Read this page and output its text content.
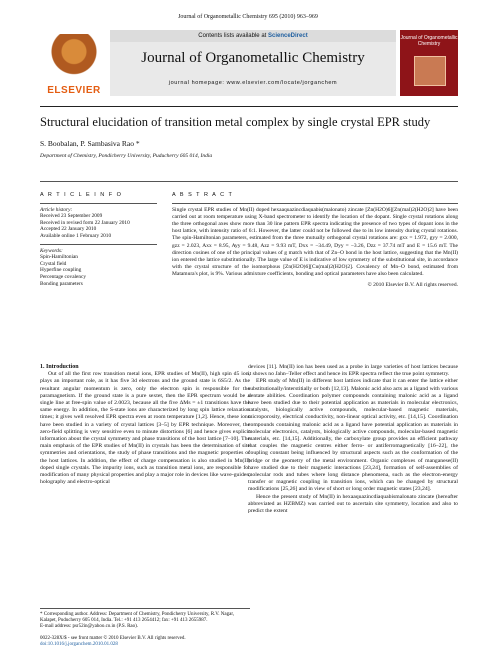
Journal of Organometallic Chemistry 695 (2010) 963–969
ELSEVIER
Contents lists available at ScienceDirect
Journal of Organometallic Chemistry
journal homepage: www.elsevier.com/locate/jorganchem
Journal of Organometallic Chemistry
Structural elucidation of transition metal complex by single crystal EPR study
S. Boobalan, P. Sambasiva Rao *
Department of Chemistry, Pondicherry University, Puducherry 605 014, India
A R T I C L E I N F O
Article history:
Received 23 September 2009
Received in revised form 22 January 2010
Accepted 22 January 2010
Available online 1 February 2010
Keywords:
Spin-Hamiltonian
Crystal field
Hyperfine coupling
Percentage covalency
Bonding parameters
A B S T R A C T
Single crystal EPR studies of Mn(II) doped hexaaquazincdiaquabis(malonato) zincate [Zn(H2O)6][Zn(mal)2(H2O)2] have been carried out at room temperature using X-band spectrometer to identify the location of the dopant. Single crystal rotations along the three orthogonal axes show more than 30 line pattern EPR spectra indicating the presence of two types of dopant ions in the host lattice, with intensity ratio of 6:1. However, the latter could not be followed due to its low intensity during crystal rotations. The spin-Hamiltonian parameters, estimated from the three mutually orthogonal crystal rotations are: gxx = 1.972, gyy = 2.000, gzz = 2.023, Axx = 8.95, Ayy = 9.48, Azz = 9.93 mT, Dxx = −34.49, Dyy = −3.26, Dzz = 37.74 mT and E = 15.6 mT. The direction cosines of one of the principal values of g match with that of Zn–O bond in the host lattice, suggesting that the Mn(II) ion entered the lattice substitutionally. The large value of E is indicative of low symmetry of the substitutional site, in accordance with the crystal structure of the isomorphous [Zn(H2O)6][Cu(mal)2(H2O)2]. Covalency of Mn–O bond, estimated from Matamura's plot, is 9%. Various admixture coefficients, bonding and optical parameters have also been calculated.
© 2010 Elsevier B.V. All rights reserved.

1. Introduction

Out of all the first row transition metal ions, EPR studies of Mn(II), high spin d5 ion, plays an important role, as it has five 3d electrons and the ground state is 6S5/2. As the resultant angular momentum is zero, only the electron spin is responsible for the paramagnetism. If the ground state is a pure sextet, then the EPR spectrum would be a single line at free-spin value of 2.0023, because all the five ΔMs = ±1 transitions have the same energy. In addition, the S-state ions are characterized by long spin lattice relaxation times; it gives well resolved EPR spectra even at room temperature [1,2]. Hence, these ions have been studied in a variety of crystal lattices [3–5] by EPR technique. Moreover, the zero-field splitting is very sensitive even to minute distortions [6] and hence gives explicit information about the crystal symmetry and phase transitions of the host lattice [7–10]. The main emphasis of the EPR studies of Mn(II) in crystals has been the determination of site symmetries and orientations, the study of phase transitions and the magnetic properties of the host lattices. In addition, the effect of charge compensation is also studied in Mn(II) doped single crystals. The impurity ions, such as transition metal ions, are responsible for modification of many physical properties and play a major role in devices like wave-guides, holography and electro-optical

devices [11]. Mn(II) ion has been used as a probe in large varieties of host lattices because it shows no Jahn–Teller effect and hence its EPR spectra reflect the true point symmetry.

EPR study of Mn(II) in different host lattices indicate that it can enter the lattice either substitutionally/interstitially or both [12,13]. Malonic acid also acts as a ligand with various dentate abilities. Coordination polymer compounds containing malonic acid as a ligand have been studied due to their potential application as materials in molecular electronics, catalysts, biologically active compounds, molecular-based magnetic materials, microporosity, electrical conductivity, non-linear optical activity, etc. [14,15]. Coordination compounds containing malonic acid as a ligand have potential application as materials in molecular electronics, catalysts, biologically active compounds, molecular-based magnetic materials, etc. [14,15]. Additionally, the carboxylate group provides an efficient pathway that couples the magnetic centres either ferro- or antiferromagnetically [16–22], the coupling constant being influenced by structural aspects such as the conformation of the bridge or the geometry of the metal environment. Organic complexes of manganese(II) have studied due to their magnetic interactions [23,24], formation of self-assemblies of molecular rods and tubes where long distance phenomena, such as the electron-energy transfer or magnetic coupling in transition ions, which can be changed by structural modifications [25,26] and in view of short or long order magnetic states [23,24].

Hence the present study of Mn(II) in hexaaquazincdiaquabismalonato zincate (hereafter abbreviated as HZBMZ) was carried out to ascertain site symmetry, location and also to predict the extent

* Corresponding author. Address: Department of Chemistry, Pondicherry University, R.V. Nagar, Kalapet, Puducherry 605 014, India. Tel.: +91 413 2654412; fax: +91 413 2655987.
E-mail address: psr52in@yahoo.co.in (P.S. Rao).
0022-328X/$ - see front matter © 2010 Elsevier B.V. All rights reserved.
doi:10.1016/j.jorganchem.2010.01.028
